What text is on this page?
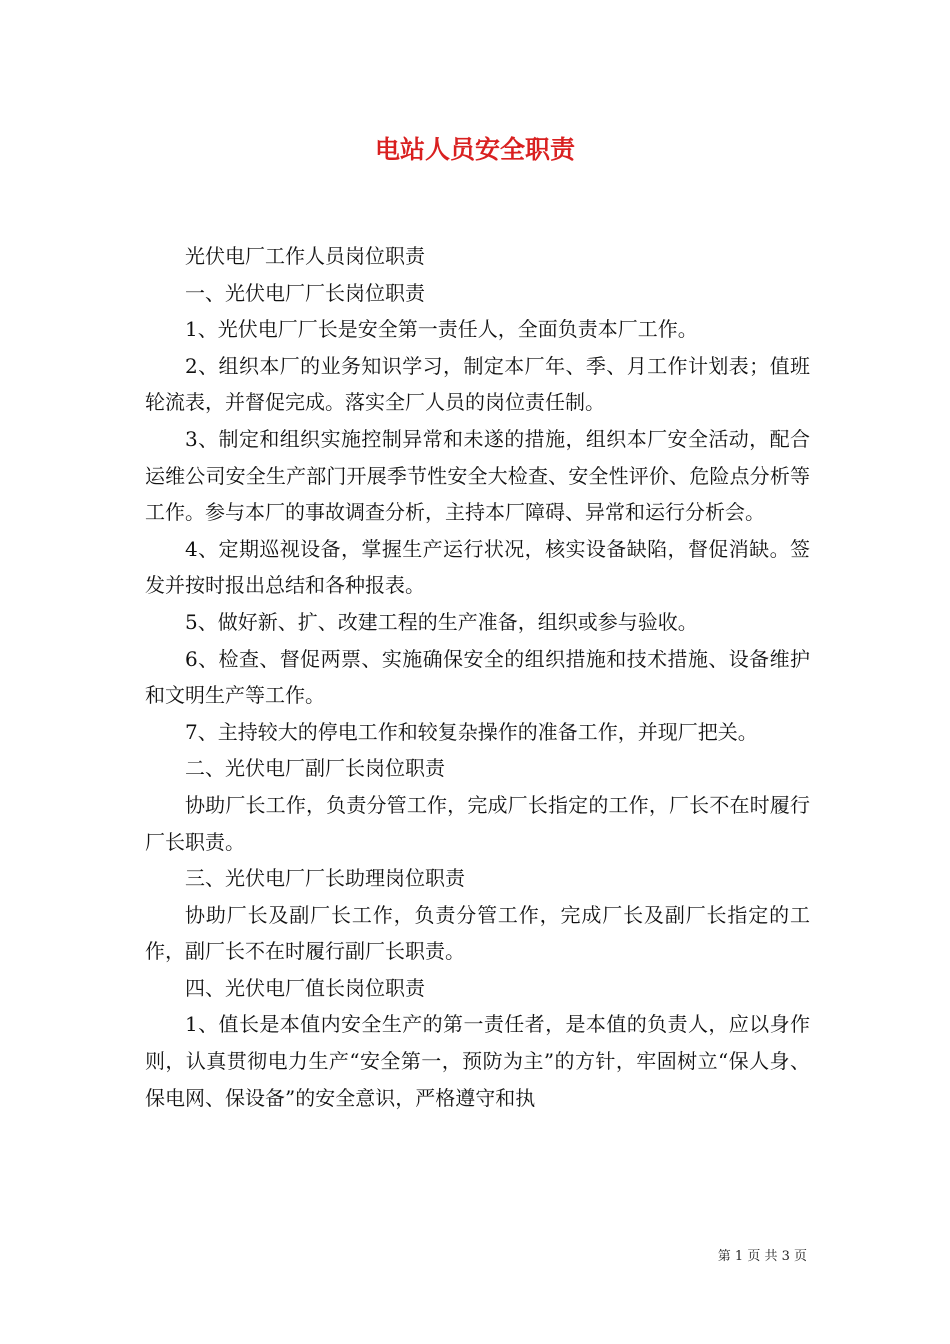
电站人员安全职责

光伏电厂工作人员岗位职责

一、光伏电厂厂长岗位职责

1、光伏电厂厂长是安全第一责任人，全面负责本厂工作。

2、组织本厂的业务知识学习，制定本厂年、季、月工作计划表；值班轮流表，并督促完成。落实全厂人员的岗位责任制。

3、制定和组织实施控制异常和未遂的措施，组织本厂安全活动，配合运维公司安全生产部门开展季节性安全大检查、安全性评价、危险点分析等工作。参与本厂的事故调查分析，主持本厂障碍、异常和运行分析会。

4、定期巡视设备，掌握生产运行状况，核实设备缺陷，督促消缺。签发并按时报出总结和各种报表。

5、做好新、扩、改建工程的生产准备，组织或参与验收。

6、检查、督促两票、实施确保安全的组织措施和技术措施、设备维护和文明生产等工作。

7、主持较大的停电工作和较复杂操作的准备工作，并现厂把关。

二、光伏电厂副厂长岗位职责

协助厂长工作，负责分管工作，完成厂长指定的工作，厂长不在时履行厂长职责。

三、光伏电厂厂长助理岗位职责

协助厂长及副厂长工作，负责分管工作，完成厂长及副厂长指定的工作，副厂长不在时履行副厂长职责。

四、光伏电厂值长岗位职责

1、值长是本值内安全生产的第一责任者，是本值的负责人，应以身作则，认真贯彻电力生产“安全第一，预防为主”的方针，牢固树立“保人身、保电网、保设备”的安全意识，严格遵守和执

第 1 页 共 3 页
